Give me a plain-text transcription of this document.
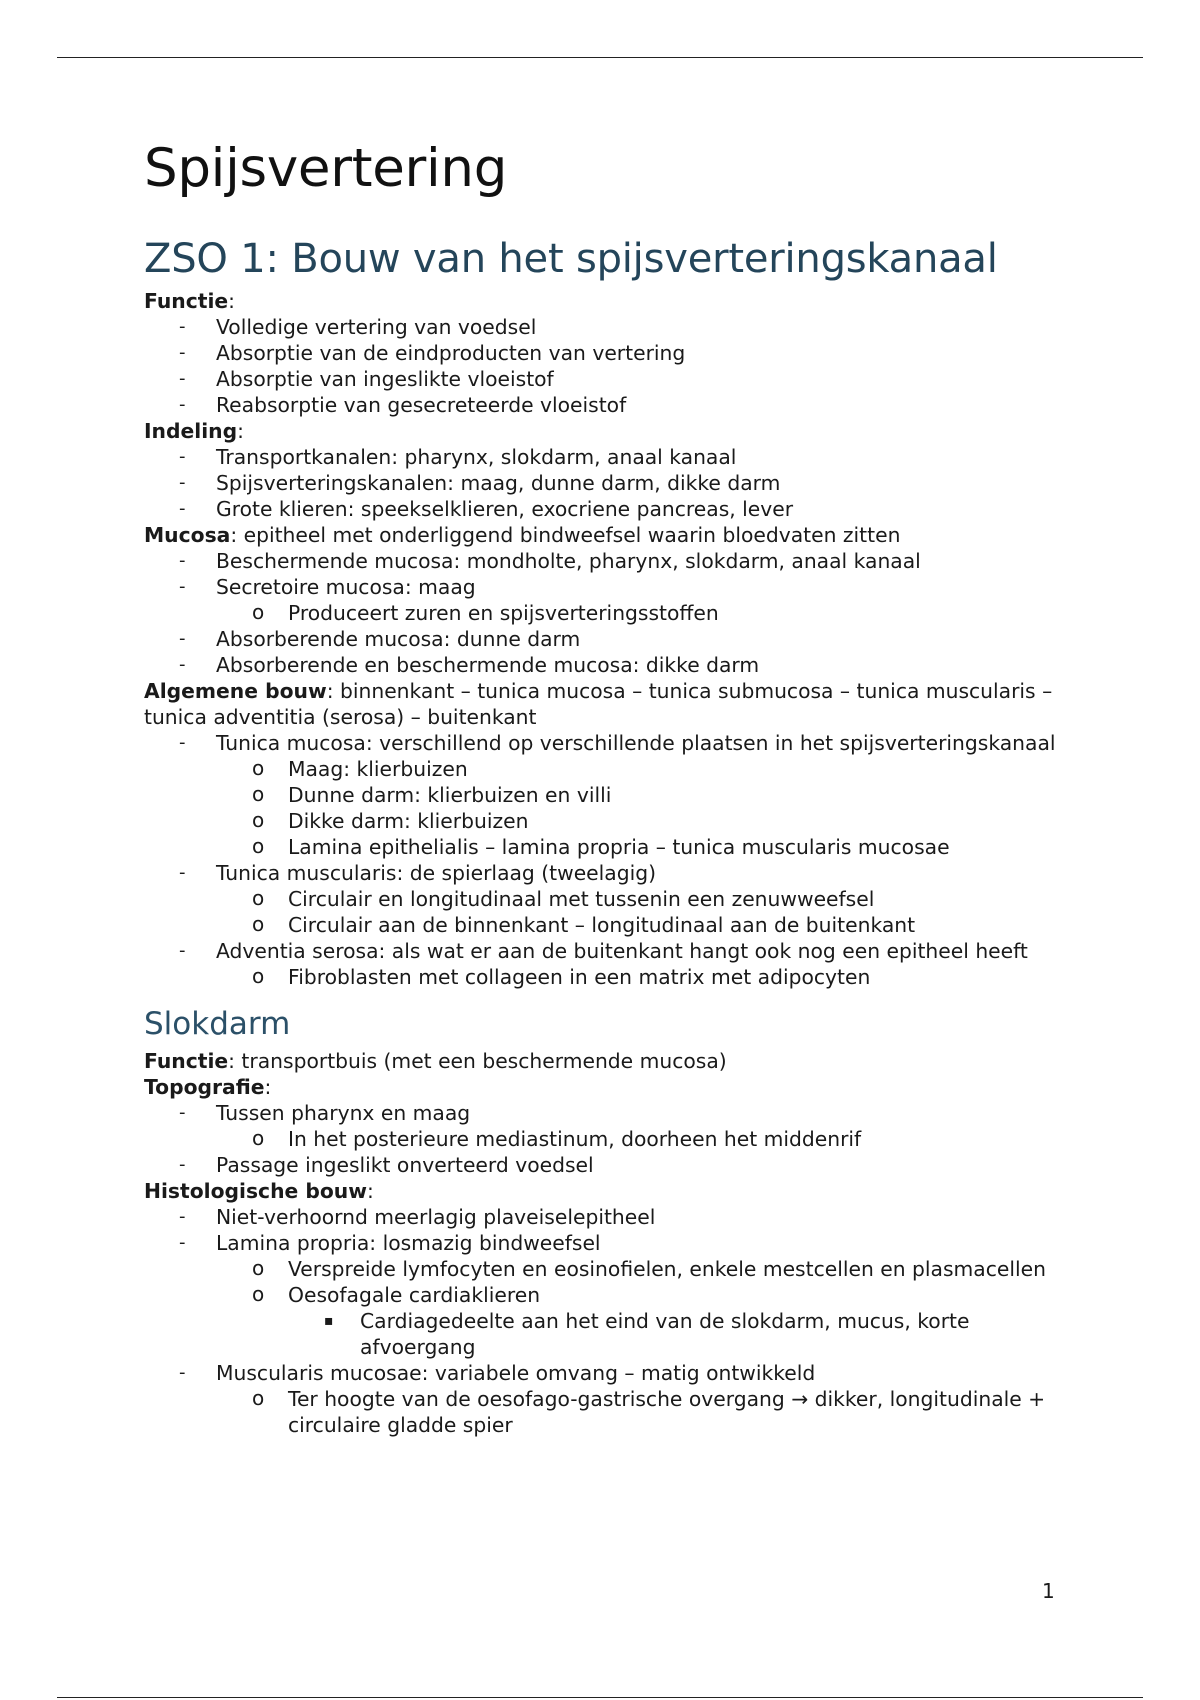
Spijsvertering
ZSO 1: Bouw van het spijsverteringskanaal

Functie:

- Volledige vertering van voedsel
- Absorptie van de eindproducten van vertering
- Absorptie van ingeslikte vloeistof
- Reabsorptie van gesecreteerde vloeistof

Indeling:

- Transportkanalen: pharynx, slokdarm, anaal kanaal
- Spijsverteringskanalen: maag, dunne darm, dikke darm
- Grote klieren: speekselklieren, exocriene pancreas, lever

Mucosa: epitheel met onderliggend bindweefsel waarin bloedvaten zitten

- Beschermende mucosa: mondholte, pharynx, slokdarm, anaal kanaal
- Secretoire mucosa: maag
o Produceert zuren en spijsverteringsstoffen
- Absorberende mucosa: dunne darm
- Absorberende en beschermende mucosa: dikke darm

Algemene bouw: binnenkant – tunica mucosa – tunica submucosa – tunica muscularis – tunica adventitia (serosa) – buitenkant

- Tunica mucosa: verschillend op verschillende plaatsen in het spijsverteringskanaal
o Maag: klierbuizen
o Dunne darm: klierbuizen en villi
o Dikke darm: klierbuizen
o Lamina epithelialis – lamina propria – tunica muscularis mucosae
- Tunica muscularis: de spierlaag (tweelagig)
o Circulair en longitudinaal met tussenin een zenuwweefsel
o Circulair aan de binnenkant – longitudinaal aan de buitenkant
- Adventia serosa: als wat er aan de buitenkant hangt ook nog een epitheel heeft
o Fibroblasten met collageen in een matrix met adipocyten
Slokdarm

Functie: transportbuis (met een beschermende mucosa)

Topografie:

- Tussen pharynx en maag
o In het posterieure mediastinum, doorheen het middenrif
- Passage ingeslikt onverteerd voedsel

Histologische bouw:

- Niet-verhoornd meerlagig plaveiselepitheel
- Lamina propria: losmazig bindweefsel
o Verspreide lymfocyten en eosinofielen, enkele mestcellen en plasmacellen
o Oesofagale cardiaklieren
▪ Cardiagedeelte aan het eind van de slokdarm, mucus, korte afvoergang
- Muscularis mucosae: variabele omvang – matig ontwikkeld
o Ter hoogte van de oesofago-gastrische overgang → dikker, longitudinale + circulaire gladde spier
1
